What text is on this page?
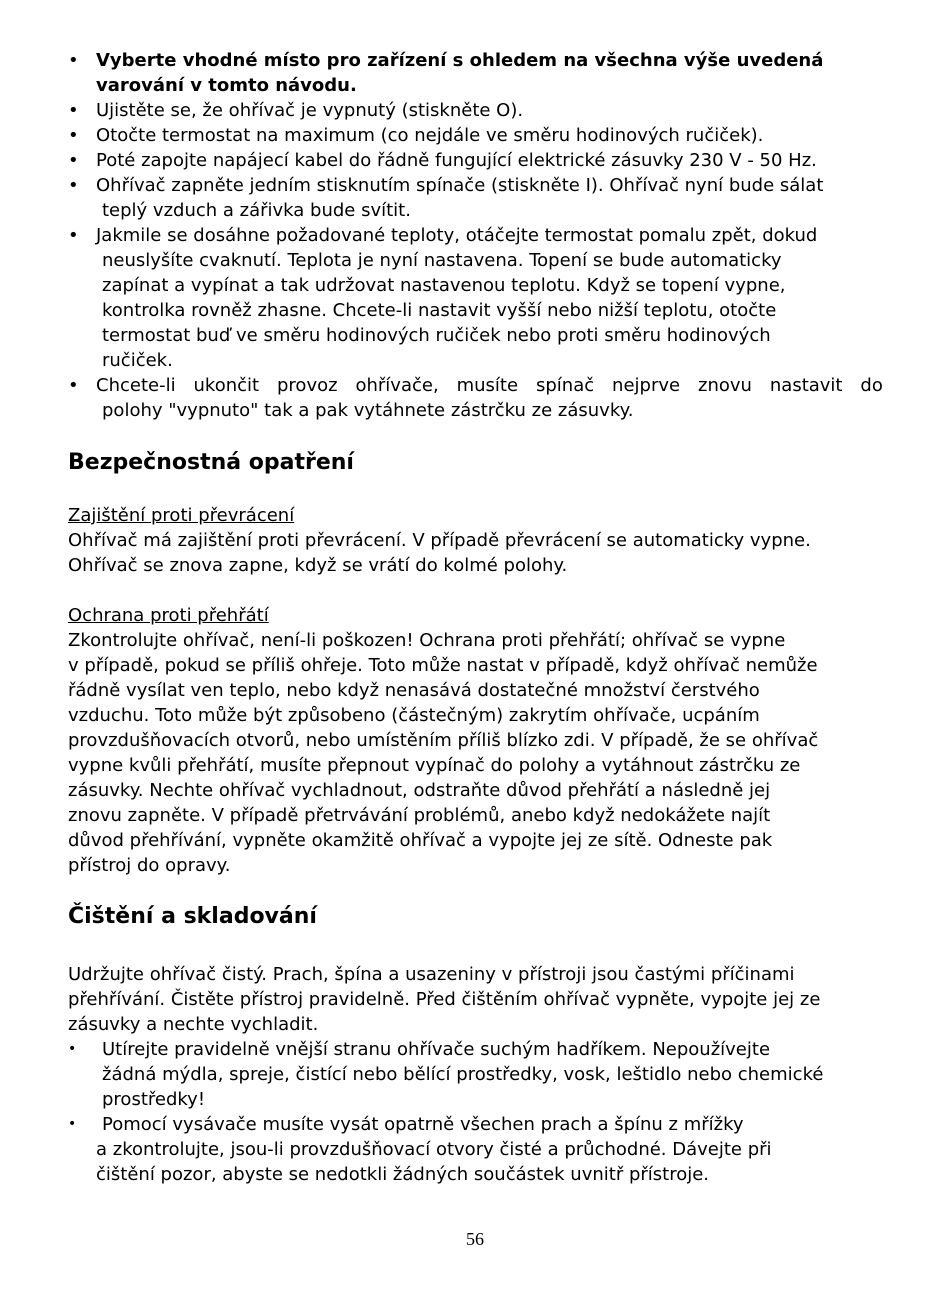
• Vyberte vhodné místo pro zařízení s ohledem na všechna výše uvedená
varování v tomto návodu.
• Ujistěte se, že ohřívač je vypnutý (stiskněte O).
• Otočte termostat na maximum (co nejdále ve směru hodinových ručiček).
• Poté zapojte napájecí kabel do řádně fungující elektrické zásuvky 230 V - 50 Hz.
• Ohřívač zapněte jedním stisknutím spínače (stiskněte I). Ohřívač nyní bude sálat
teplý vzduch a zářivka bude svítit.
• Jakmile se dosáhne požadované teploty, otáčejte termostat pomalu zpět, dokud
neuslyšíte cvaknutí. Teplota je nyní nastavena. Topení se bude automaticky
zapínat a vypínat a tak udržovat nastavenou teplotu. Když se topení vypne,
kontrolka rovněž zhasne. Chcete-li nastavit vyšší nebo nižší teplotu, otočte
termostat buď ve směru hodinových ručiček nebo proti směru hodinových
ručiček.
• Chcete-li ukončit provoz ohřívače, musíte spínač nejprve znovu nastavit do
polohy "vypnuto" tak a pak vytáhnete zástrčku ze zásuvky.
Bezpečnostná opatření
Zajištění proti převrácení
Ohřívač má zajištění proti převrácení. V případě převrácení se automaticky vypne.
Ohřívač se znova zapne, když se vrátí do kolmé polohy.
Ochrana proti přehřátí
Zkontrolujte ohřívač, není-li poškozen! Ochrana proti přehřátí; ohřívač se vypne
v případě, pokud se příliš ohřeje. Toto může nastat v případě, když ohřívač nemůže
řádně vysílat ven teplo, nebo když nenasává dostatečné množství čerstvého
vzduchu. Toto může být způsobeno (částečným) zakrytím ohřívače, ucpáním
provzdušňovacích otvorů, nebo umístěním příliš blízko zdi. V případě, že se ohřívač
vypne kvůli přehřátí, musíte přepnout vypínač do polohy a vytáhnout zástrčku ze
zásuvky. Nechte ohřívač vychladnout, odstraňte důvod přehřátí a následně jej
znovu zapněte. V případě přetrvávání problémů, anebo když nedokážete najít
důvod přehřívání, vypněte okamžitě ohřívač a vypojte jej ze sítě. Odneste pak
přístroj do opravy.
Čištění a skladování
Udržujte ohřívač čistý. Prach, špína a usazeniny v přístroji jsou častými příčinami
přehřívání. Čistěte přístroj pravidelně. Před čištěním ohřívač vypněte, vypojte jej ze
zásuvky a nechte vychladit.
• Utírejte pravidelně vnější stranu ohřívače suchým hadříkem. Nepoužívejte
žádná mýdla, spreje, čistící nebo bělící prostředky, vosk, leštidlo nebo chemické
prostředky!
• Pomocí vysávače musíte vysát opatrně všechen prach a špínu z mřížky
a zkontrolujte, jsou-li provzdušňovací otvory čisté a průchodné. Dávejte při
čištění pozor, abyste se nedotkli žádných součástek uvnitř přístroje.
56
